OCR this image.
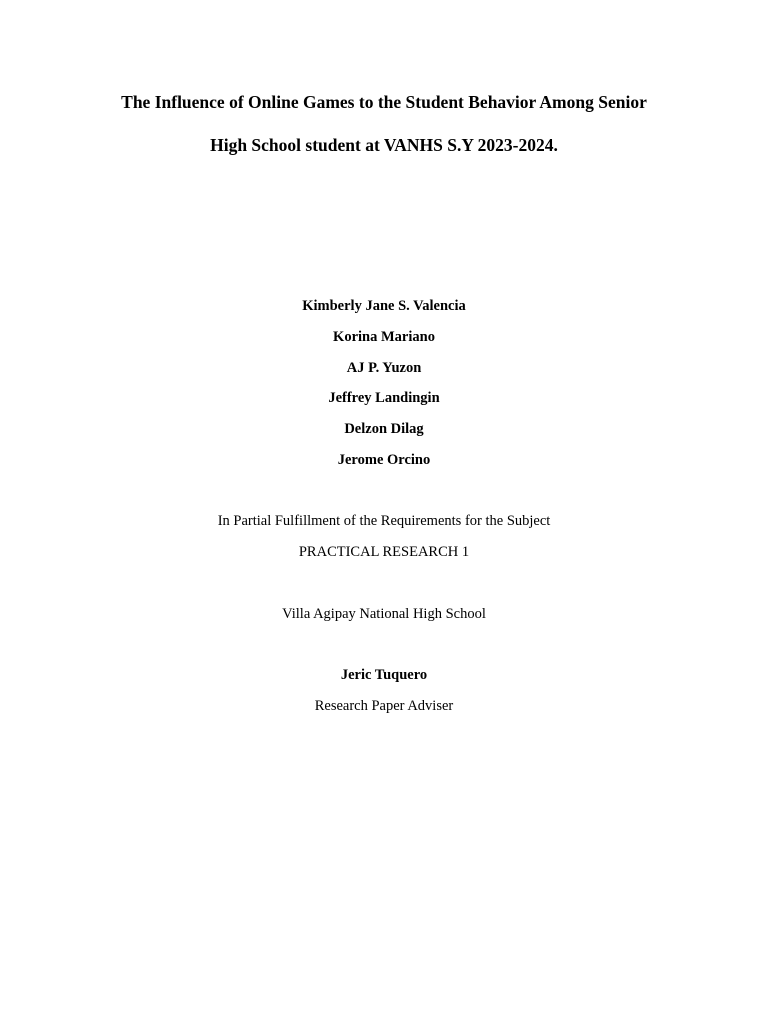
The Influence of Online Games to the Student Behavior Among Senior
High School student at VANHS S.Y 2023-2024.
Kimberly Jane S. Valencia
Korina Mariano
AJ P. Yuzon
Jeffrey Landingin
Delzon Dilag
Jerome Orcino
In Partial Fulfillment of the Requirements for the Subject
PRACTICAL RESEARCH 1
Villa Agipay National High School
Jeric Tuquero
Research Paper Adviser
